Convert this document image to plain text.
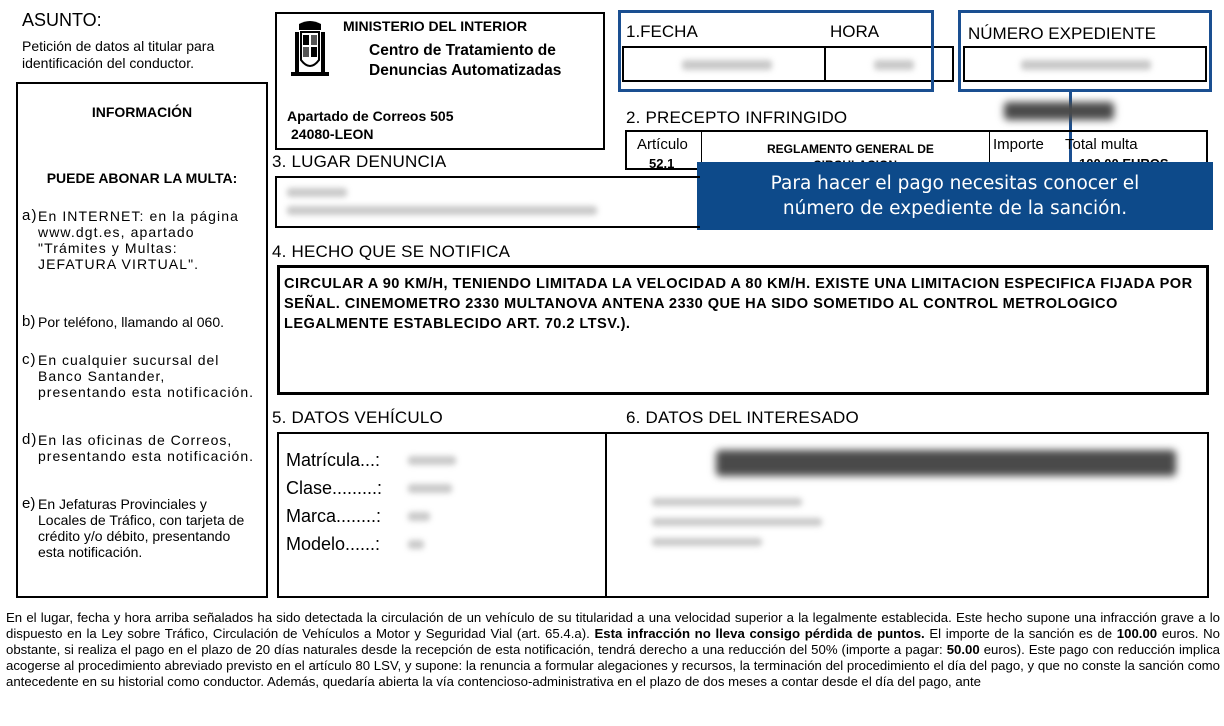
ASUNTO:
Petición de datos al titular para identificación del conductor.
MINISTERIO DEL INTERIOR
Centro de Tratamiento de
Denuncias Automatizadas
Apartado de Correos 505
24080-LEON
1.FECHA	HORA	NÚMERO EXPEDIENTE
2. PRECEPTO INFRINGIDO
Artículo
52.1
REGLAMENTO GENERAL DE	Importe Total multa
Para hacer el pago necesitas conocer el
número de expediente de la sanción.
3. LUGAR DENUNCIA
INFORMACIÓN
PUEDE ABONAR LA MULTA:
a) En INTERNET: en la página www.dgt.es, apartado "Trámites y Multas: JEFATURA VIRTUAL".
b) Por teléfono, llamando al 060.
c) En cualquier sucursal del Banco Santander, presentando esta notificación.
d) En las oficinas de Correos, presentando esta notificación.
e) En Jefaturas Provinciales y Locales de Tráfico, con tarjeta de crédito y/o débito, presentando esta notificación.
4. HECHO QUE SE NOTIFICA
CIRCULAR A 90 KM/H, TENIENDO LIMITADA LA VELOCIDAD A 80 KM/H. EXISTE UNA LIMITACION ESPECIFICA FIJADA POR SEÑAL. CINEMOMETRO 2330 MULTANOVA ANTENA 2330 QUE HA SIDO SOMETIDO AL CONTROL METROLOGICO LEGALMENTE ESTABLECIDO ART. 70.2 LTSV.).
5. DATOS VEHÍCULO	6. DATOS DEL INTERESADO
Matrícula...:
Clase.........:
Marca........:
Modelo......:
En el lugar, fecha y hora arriba señalados ha sido detectada la circulación de un vehículo de su titularidad a una velocidad superior a la legalmente establecida. Este hecho supone una infracción grave a lo dispuesto en la Ley sobre Tráfico, Circulación de Vehículos a Motor y Seguridad Vial (art. 65.4.a). Esta infracción no lleva consigo pérdida de puntos. El importe de la sanción es de 100.00 euros. No obstante, si realiza el pago en el plazo de 20 días naturales desde la recepción de esta notificación, tendrá derecho a una reducción del 50% (importe a pagar: 50.00 euros). Este pago con reducción implica acogerse al procedimiento abreviado previsto en el artículo 80 LSV, y supone: la renuncia a formular alegaciones y recursos, la terminación del procedimiento el día del pago, y que no conste la sanción como antecedente en su historial como conductor. Además, quedaría abierta la vía contencioso-administrativa en el plazo de dos meses a contar desde el día del pago, ante
